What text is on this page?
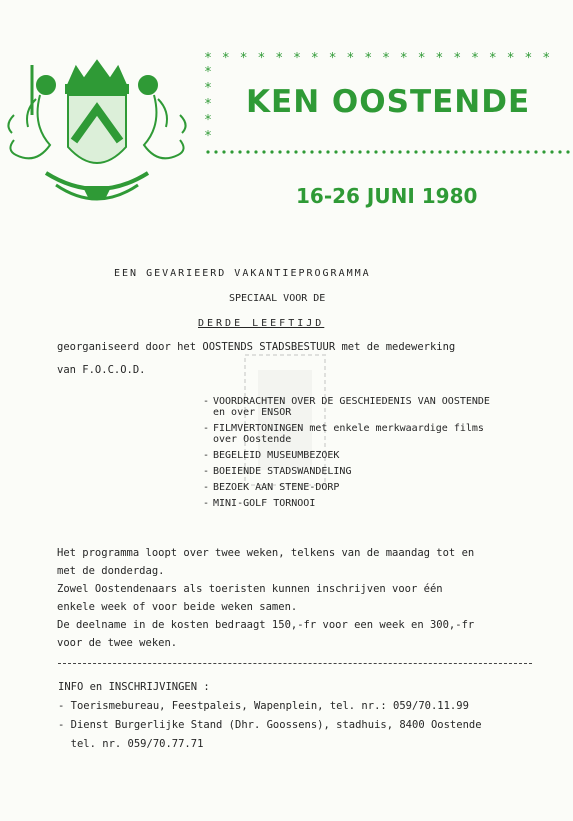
* * * * * * * * * * * * * * * * * * * *
*
*
*
*
*
KEN OOSTENDE
16-26 JUNI 1980
EEN GEVARIEERD VAKANTIEPROGRAMMA
SPECIAAL VOOR DE
DERDE LEEFTIJD
georganiseerd door het OOSTENDS STADSBESTUUR met de medewerking
van F.O.C.O.D.
- VOORDRACHTEN OVER DE GESCHIEDENIS VAN OOSTENDE
en over ENSOR
- FILMVERTONINGEN met enkele merkwaardige films
over Oostende
- BEGELEID MUSEUMBEZOEK
- BOEIENDE STADSWANDELING
- BEZOEK AAN STENE-DORP
- MINI-GOLF TORNOOI
Het programma loopt over twee weken, telkens van de maandag tot en
met de donderdag.
Zowel Oostendenaars als toeristen kunnen inschrijven voor één
enkele week of voor beide weken samen.
De deelname in de kosten bedraagt 150,-fr voor een week en 300,-fr
voor de twee weken.
INFO en INSCHRIJVINGEN :
- Toerismebureau, Feestpaleis, Wapenplein, tel. nr.: 059/70.11.99
- Dienst Burgerlijke Stand (Dhr. Goossens), stadhuis, 8400 Oostende
tel. nr. 059/70.77.71
